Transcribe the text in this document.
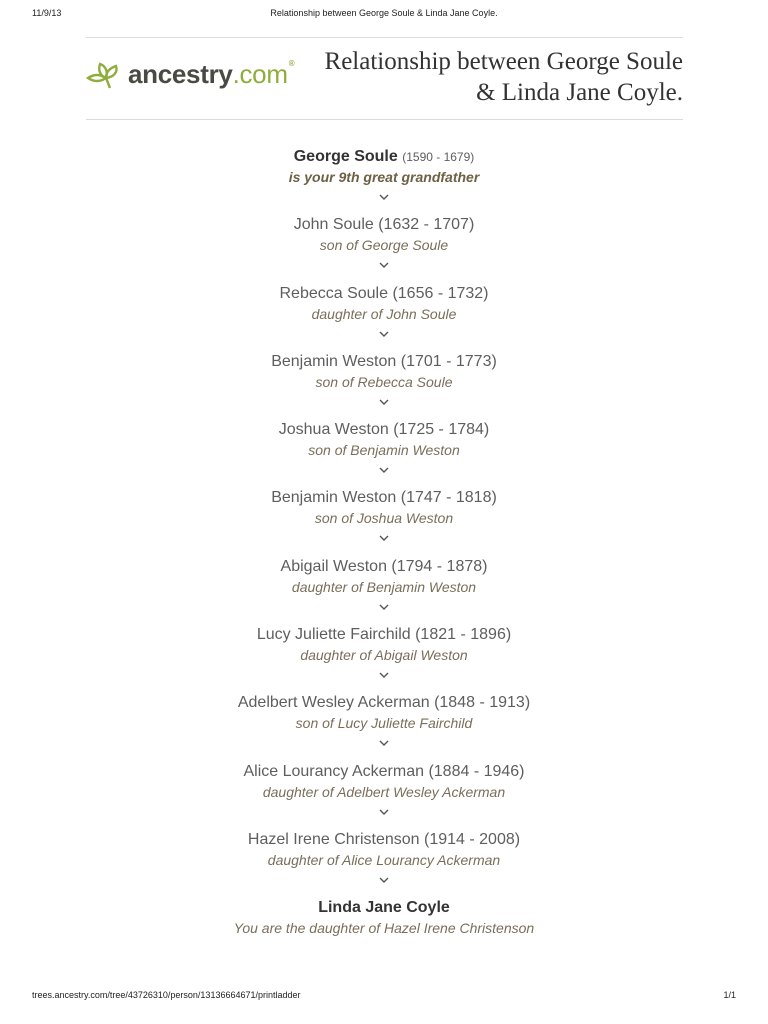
11/9/13	Relationship between George Soule & Linda Jane Coyle.
ancestry.com®	Relationship between George Soule
& Linda Jane Coyle.
George Soule (1590 - 1679)
is your 9th great grandfather
John Soule (1632 - 1707)
son of George Soule
Rebecca Soule (1656 - 1732)
daughter of John Soule
Benjamin Weston (1701 - 1773)
son of Rebecca Soule
Joshua Weston (1725 - 1784)
son of Benjamin Weston
Benjamin Weston (1747 - 1818)
son of Joshua Weston
Abigail Weston (1794 - 1878)
daughter of Benjamin Weston
Lucy Juliette Fairchild (1821 - 1896)
daughter of Abigail Weston
Adelbert Wesley Ackerman (1848 - 1913)
son of Lucy Juliette Fairchild
Alice Lourancy Ackerman (1884 - 1946)
daughter of Adelbert Wesley Ackerman
Hazel Irene Christenson (1914 - 2008)
daughter of Alice Lourancy Ackerman
Linda Jane Coyle
You are the daughter of Hazel Irene Christenson
trees.ancestry.com/tree/43726310/person/13136664671/printladder	1/1
